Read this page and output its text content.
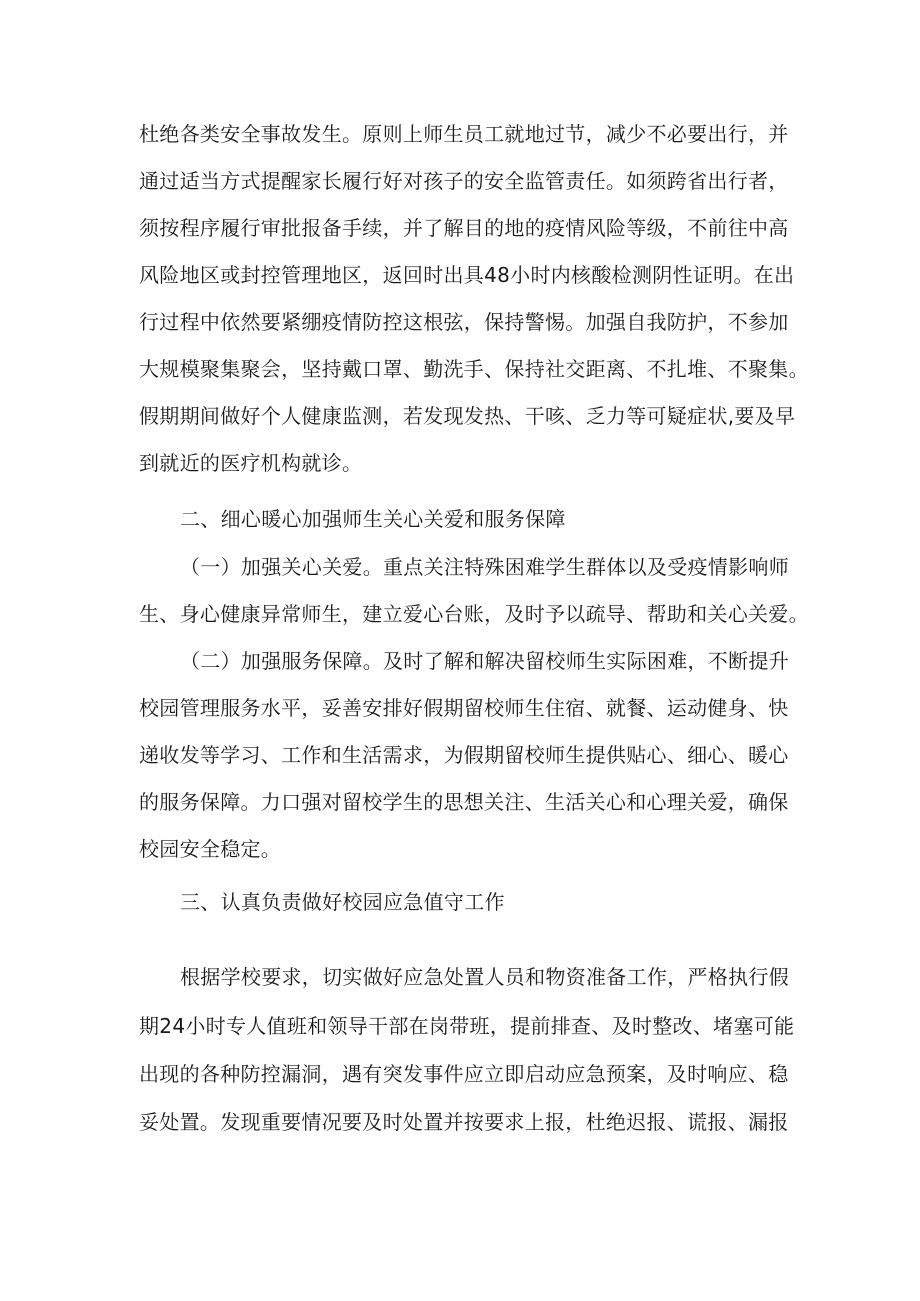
杜绝各类安全事故发生。原则上师生员工就地过节，减少不必要出行，并
通过适当方式提醒家长履行好对孩子的安全监管责任。如须跨省出行者，
须按程序履行审批报备手续，并了解目的地的疫情风险等级，不前往中高
风险地区或封控管理地区，返回时出具48小时内核酸检测阴性证明。在出
行过程中依然要紧绷疫情防控这根弦，保持警惕。加强自我防护，不参加
大规模聚集聚会，坚持戴口罩、勤洗手、保持社交距离、不扎堆、不聚集。
假期期间做好个人健康监测，若发现发热、干咳、乏力等可疑症状,要及早
到就近的医疗机构就诊。
二、细心暖心加强师生关心关爱和服务保障
（一）加强关心关爱。重点关注特殊困难学生群体以及受疫情影响师
生、身心健康异常师生，建立爱心台账，及时予以疏导、帮助和关心关爱。
（二）加强服务保障。及时了解和解决留校师生实际困难，不断提升
校园管理服务水平，妥善安排好假期留校师生住宿、就餐、运动健身、快
递收发等学习、工作和生活需求，为假期留校师生提供贴心、细心、暖心
的服务保障。力口强对留校学生的思想关注、生活关心和心理关爱，确保
校园安全稳定。
三、认真负责做好校园应急值守工作
根据学校要求，切实做好应急处置人员和物资准备工作，严格执行假
期24小时专人值班和领导干部在岗带班，提前排查、及时整改、堵塞可能
出现的各种防控漏洞，遇有突发事件应立即启动应急预案，及时响应、稳
妥处置。发现重要情况要及时处置并按要求上报，杜绝迟报、谎报、漏报
